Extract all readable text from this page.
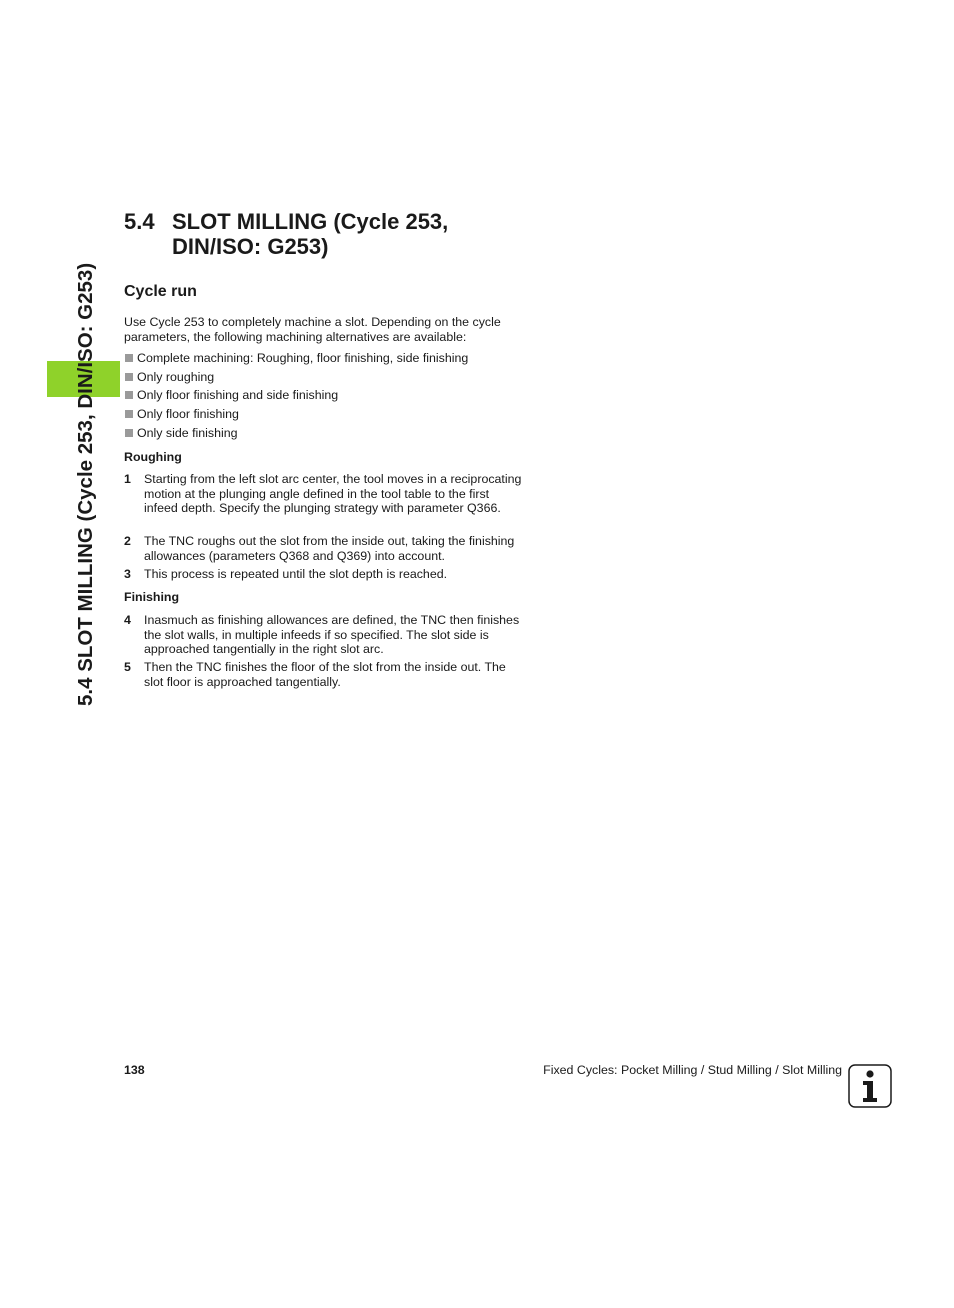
5.4 SLOT MILLING (Cycle 253, DIN/ISO: G253)
5.4 SLOT MILLING (Cycle 253,
DIN/ISO: G253)
Cycle run

Use Cycle 253 to completely machine a slot. Depending on the cycle parameters, the following machining alternatives are available:

Complete machining: Roughing, floor finishing, side finishing
Only roughing
Only floor finishing and side finishing
Only floor finishing
Only side finishing

Roughing

1	Starting from the left slot arc center, the tool moves in a reciprocating motion at the plunging angle defined in the tool table to the first infeed depth. Specify the plunging strategy with parameter Q366.
2	The TNC roughs out the slot from the inside out, taking the finishing allowances (parameters Q368 and Q369) into account.
3	This process is repeated until the slot depth is reached.

Finishing

4	Inasmuch as finishing allowances are defined, the TNC then finishes the slot walls, in multiple infeeds if so specified. The slot side is approached tangentially in the right slot arc.
5	Then the TNC finishes the floor of the slot from the inside out. The slot floor is approached tangentially.
138	Fixed Cycles: Pocket Milling / Stud Milling / Slot Milling
